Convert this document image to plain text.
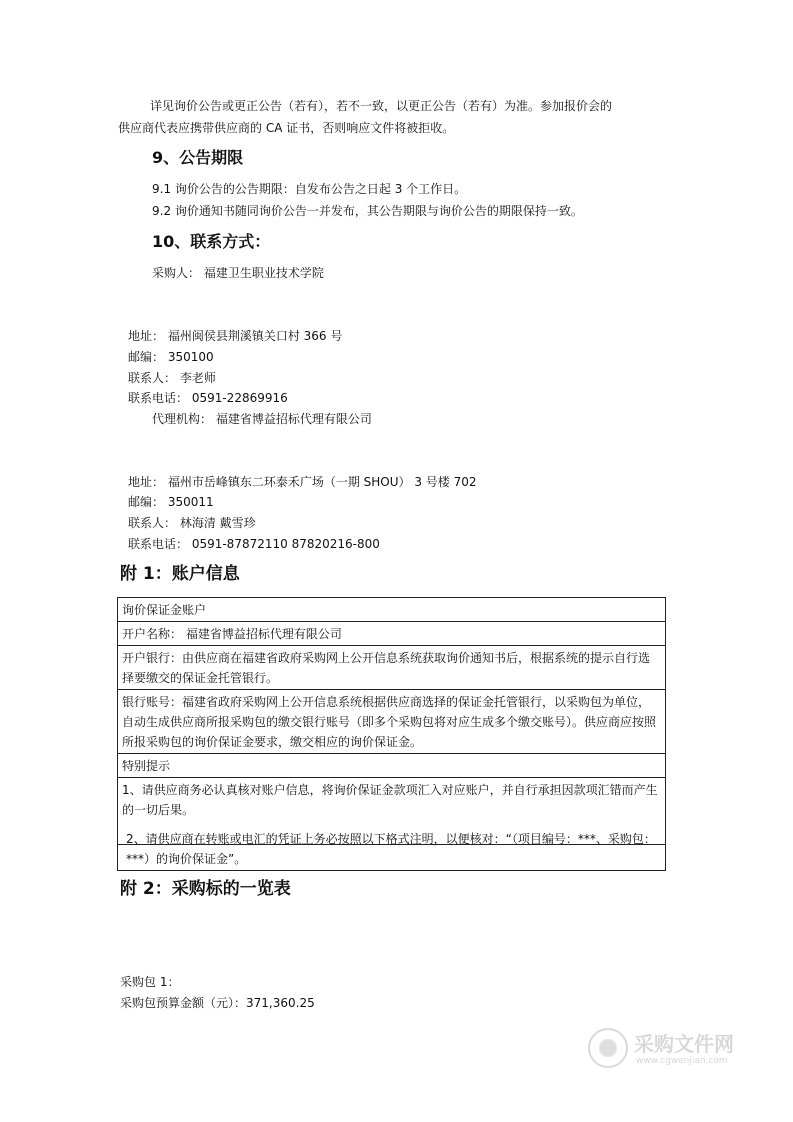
详见询价公告或更正公告（若有），若不一致，以更正公告（若有）为准。参加报价会的
供应商代表应携带供应商的 CA 证书，否则响应文件将被拒收。
9、公告期限
9.1 询价公告的公告期限：自发布公告之日起 3 个工作日。
9.2 询价通知书随同询价公告一并发布，其公告期限与询价公告的期限保持一致。
10、联系方式：
采购人： 福建卫生职业技术学院
地址： 福州闽侯县荆溪镇关口村 366 号
邮编： 350100
联系人： 李老师
联系电话： 0591-22869916
代理机构： 福建省博益招标代理有限公司
地址： 福州市岳峰镇东二环泰禾广场（一期 SHOU） 3 号楼 702
邮编： 350011
联系人： 林海清 戴雪珍
联系电话： 0591-87872110 87820216-800
附 1：账户信息
询价保证金账户
开户名称： 福建省博益招标代理有限公司
开户银行：由供应商在福建省政府采购网上公开信息系统获取询价通知书后，根据系统的提示自行选择要缴交的保证金托管银行。
银行账号：福建省政府采购网上公开信息系统根据供应商选择的保证金托管银行，以采购包为单位，自动生成供应商所报采购包的缴交银行账号（即多个采购包将对应生成多个缴交账号）。供应商应按照所报采购包的询价保证金要求，缴交相应的询价保证金。
特别提示
1、请供应商务必认真核对账户信息，将询价保证金款项汇入对应账户，并自行承担因款项汇错而产生的一切后果。
2、请供应商在转账或电汇的凭证上务必按照以下格式注明，以便核对：“（项目编号：***、采购包：***）的询价保证金”。
附 2：采购标的一览表
采购包 1：
采购包预算金额（元）：371,360.25
采购文件网
www.cgwenjian.com
